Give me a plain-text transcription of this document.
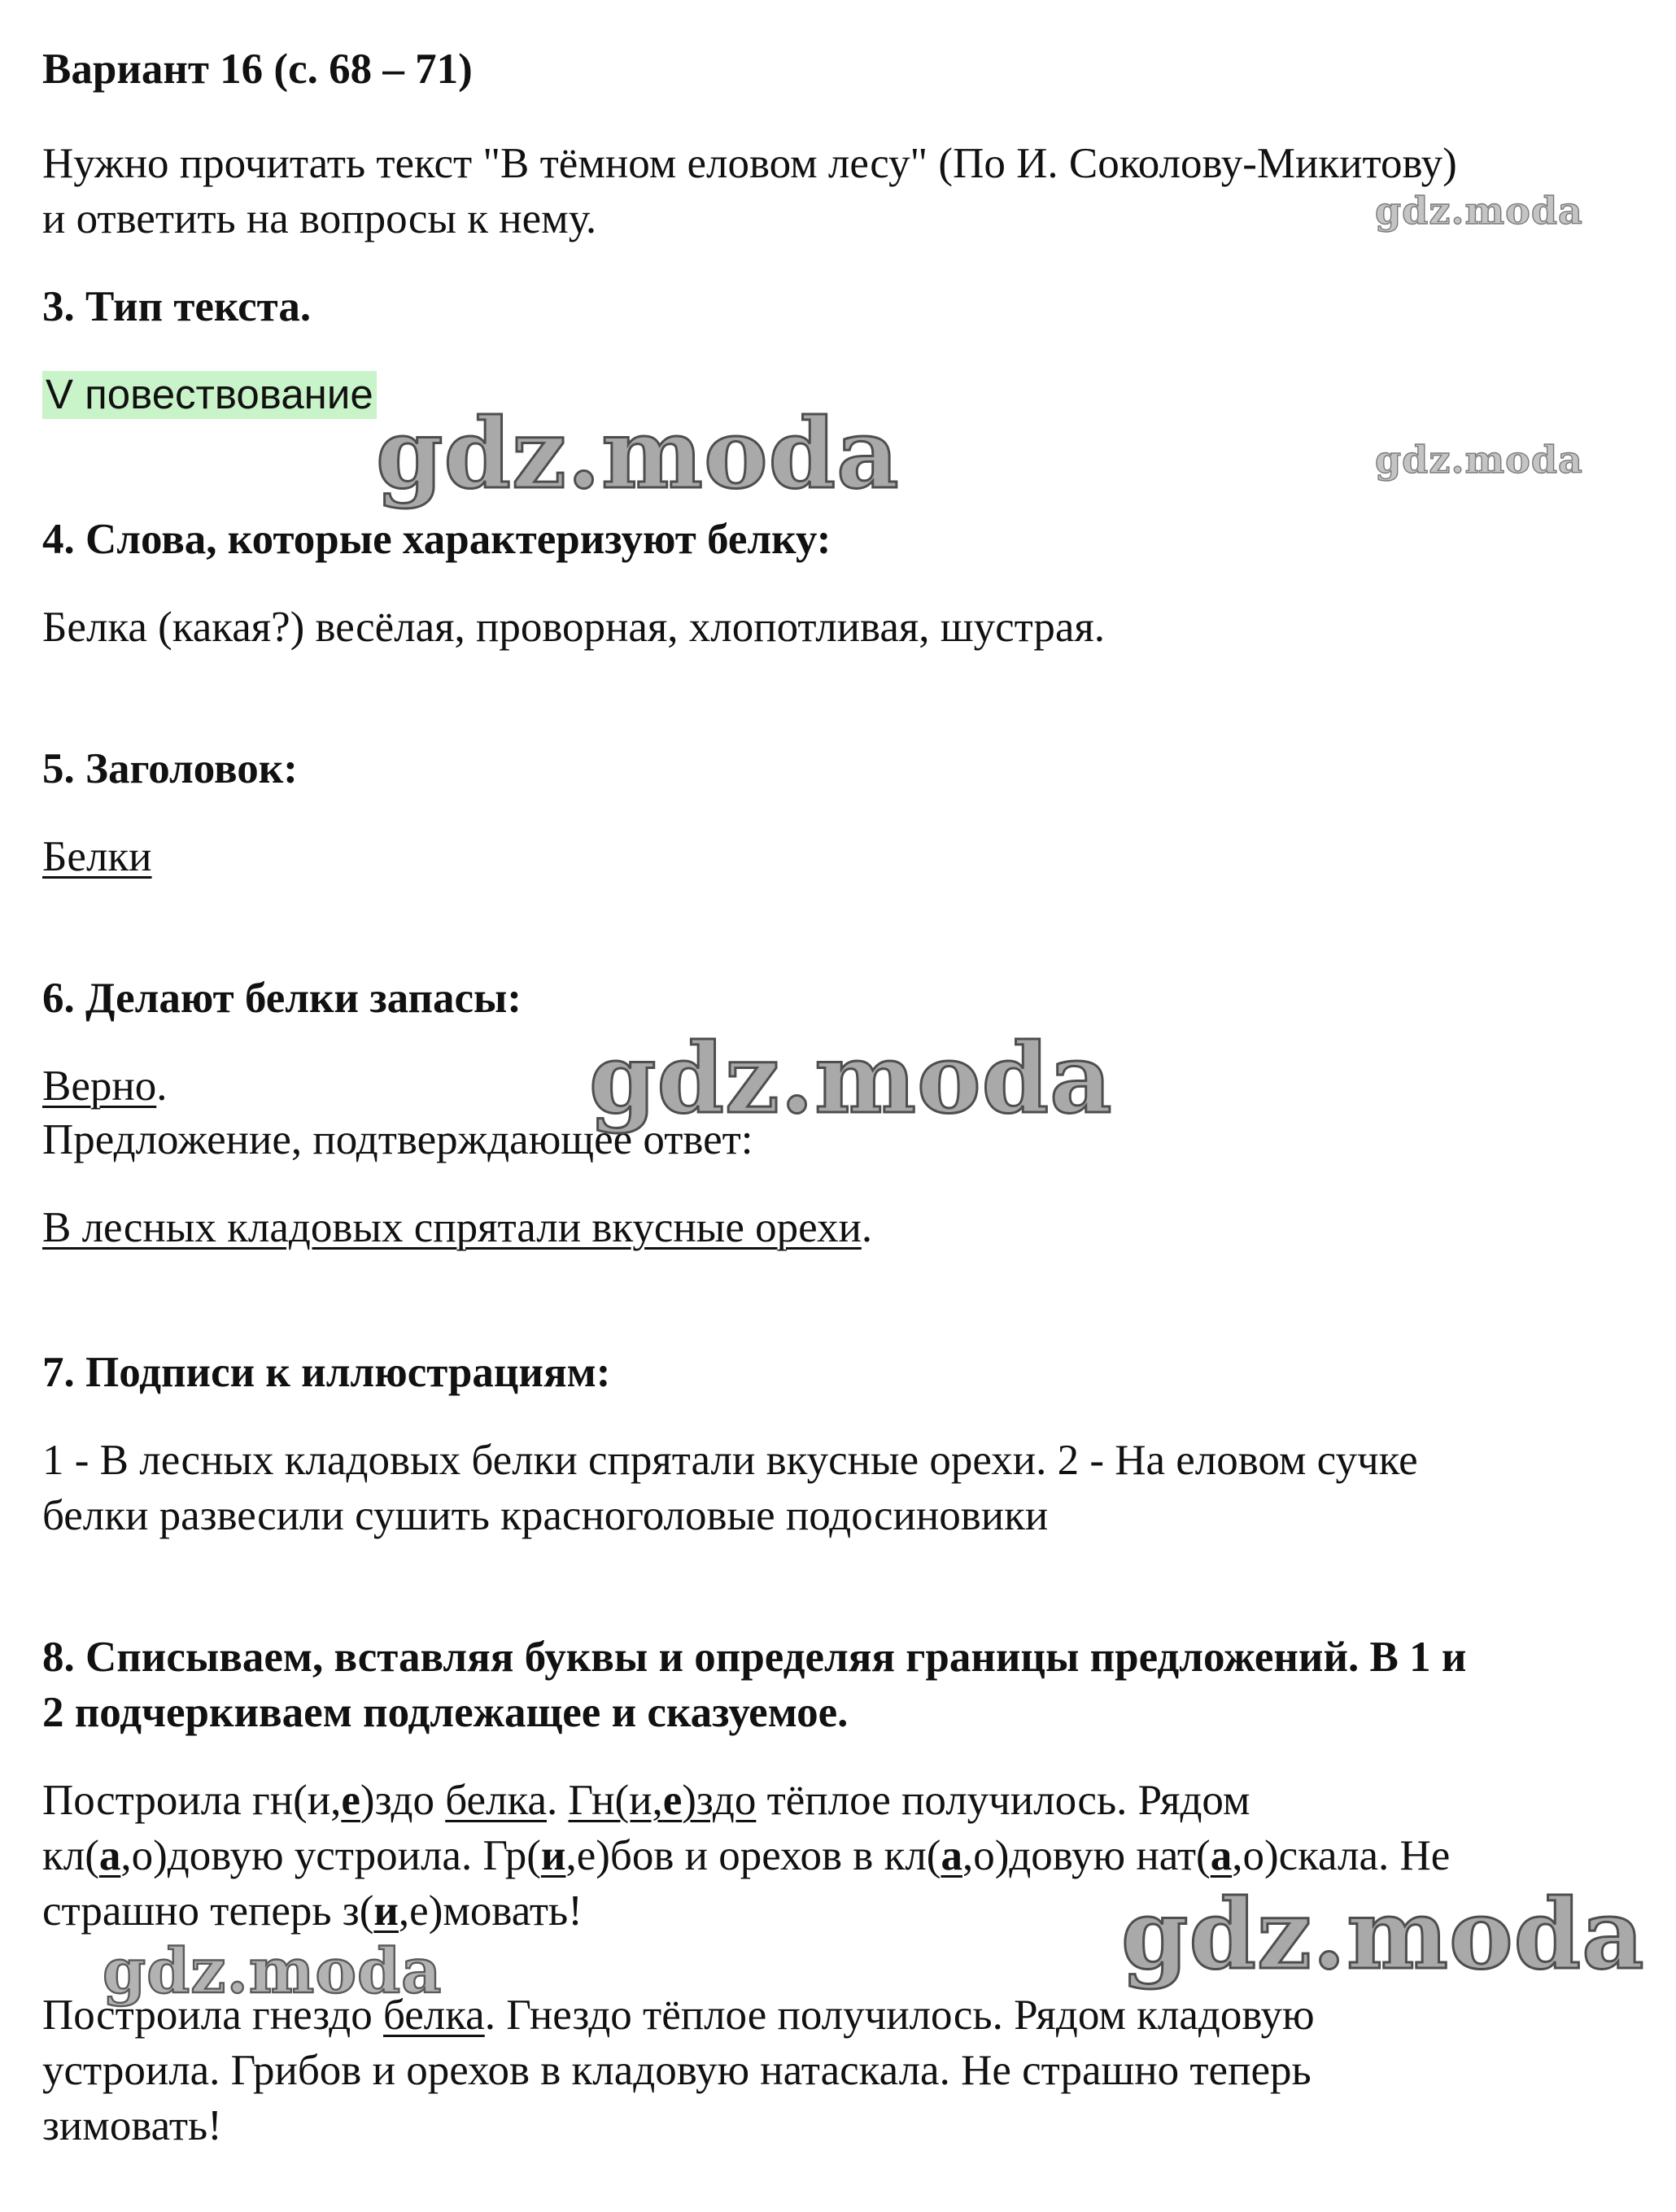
Вариант 16 (с. 68 – 71)
Нужно прочитать текст "В тёмном еловом лесу" (По И. Соколову-Микитову)
и ответить на вопросы к нему.
3. Тип текста.
V повествование
4. Слова, которые характеризуют белку:
Белка (какая?) весёлая, проворная, хлопотливая, шустрая.
5. Заголовок:
Белки
6. Делают белки запасы:
Верно.
Предложение, подтверждающее ответ:
В лесных кладовых спрятали вкусные орехи.
7. Подписи к иллюстрациям:
1 - В лесных кладовых белки спрятали вкусные орехи. 2 - На еловом сучке
белки развесили сушить красноголовые подосиновики
8. Списываем, вставляя буквы и определяя границы предложений. В 1 и
2 подчеркиваем подлежащее и сказуемое.
Построила гн(и,е)здо белка. Гн(и,е)здо тёплое получилось. Рядом
кл(а,о)довую устроила. Гр(и,е)бов и орехов в кл(а,о)довую нат(а,о)скала. Не
страшно теперь з(и,е)мовать!
Построила гнездо белка. Гнездо тёплое получилось. Рядом кладовую
устроила. Грибов и орехов в кладовую натаскала. Не страшно теперь
зимовать!
gdz.moda
gdz.moda	gdz.moda
gdz.moda
gdz.moda
gdz.moda
